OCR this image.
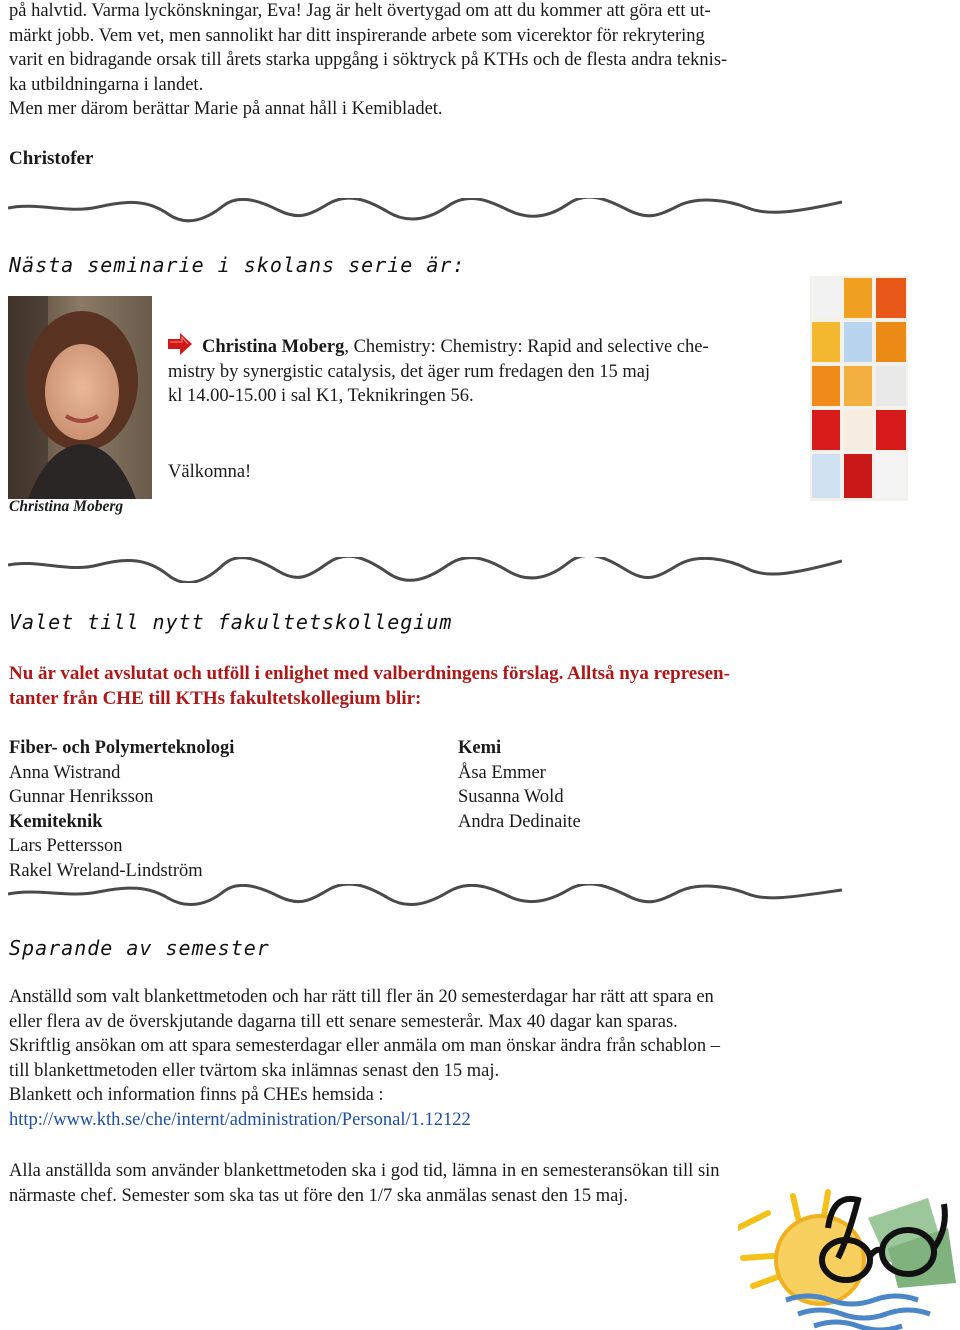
på halvtid. Varma lyckönskningar, Eva! Jag är helt övertygad om att du kommer att göra ett ut-
märkt jobb. Vem vet, men sannolikt har ditt inspirerande arbete som vicerektor för rekrytering
varit en bidragande orsak till årets starka uppgång i söktryck på KTHs och de flesta andra teknis-
ka utbildningarna i landet.
Men mer därom berättar Marie på annat håll i Kemibladet.
Christofer
Nästa seminarie i skolans serie är:
Christina Moberg
Christina Moberg, Chemistry: Chemistry: Rapid and selective che-
mistry by synergistic catalysis, det äger rum fredagen den 15 maj
kl 14.00-15.00 i sal K1, Teknikringen 56.
Välkomna!
Valet till nytt fakultetskollegium
Nu är valet avslutat och utföll i enlighet med valberdningens förslag. Alltså nya represen-
tanter från CHE till KTHs fakultetskollegium blir:
Fiber- och Polymerteknologi
Anna Wistrand
Gunnar Henriksson
Kemiteknik
Lars Pettersson
Rakel Wreland-Lindström
Kemi
Åsa Emmer
Susanna Wold
Andra Dedinaite
Sparande av semester
Anställd som valt blankettmetoden och har rätt till fler än 20 semesterdagar har rätt att spara en
eller flera av de överskjutande dagarna till ett senare semesterår. Max 40 dagar kan sparas.
Skriftlig ansökan om att spara semesterdagar eller anmäla om man önskar ändra från schablon –
till blankettmetoden eller tvärtom ska inlämnas senast den 15 maj.
Blankett och information finns på CHEs hemsida :
http://www.kth.se/che/internt/administration/Personal/1.12122
Alla anställda som använder blankettmetoden ska i god tid, lämna in en semesteransökan till sin
närmaste chef. Semester som ska tas ut före den 1/7 ska anmälas senast den 15 maj.
